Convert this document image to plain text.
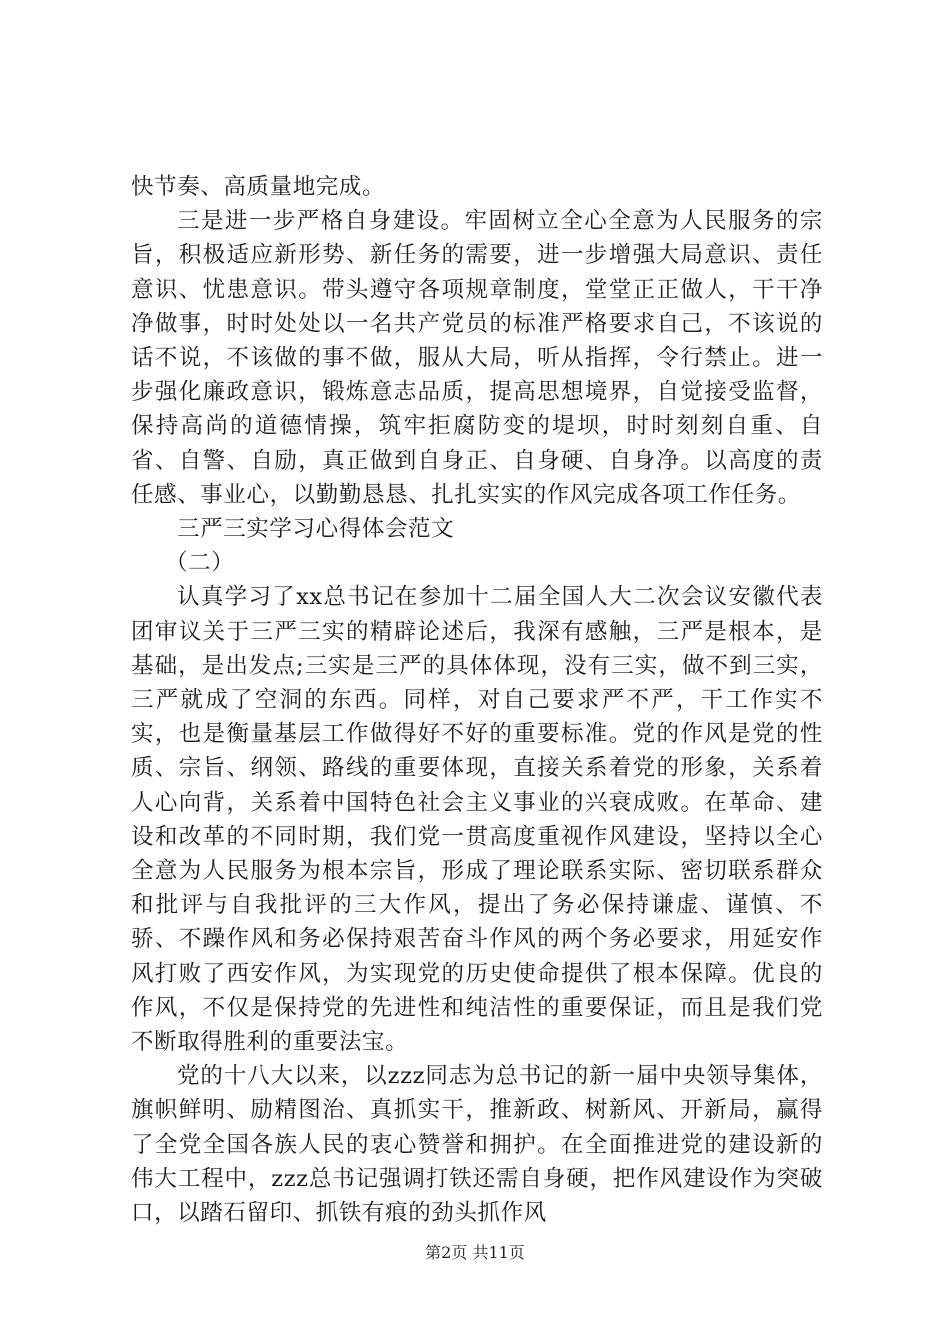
快节奏、高质量地完成。

三是进一步严格自身建设。牢固树立全心全意为人民服务的宗旨，积极适应新形势、新任务的需要，进一步增强大局意识、责任意识、忧患意识。带头遵守各项规章制度，堂堂正正做人，干干净净做事，时时处处以一名共产党员的标准严格要求自己，不该说的话不说，不该做的事不做，服从大局，听从指挥，令行禁止。进一步强化廉政意识，锻炼意志品质，提高思想境界，自觉接受监督，保持高尚的道德情操，筑牢拒腐防变的堤坝，时时刻刻自重、自省、自警、自励，真正做到自身正、自身硬、自身净。以高度的责任感、事业心，以勤勤恳恳、扎扎实实的作风完成各项工作任务。

三严三实学习心得体会范文

（二）

认真学习了xx总书记在参加十二届全国人大二次会议安徽代表团审议关于三严三实的精辟论述后，我深有感触，三严是根本，是基础，是出发点;三实是三严的具体体现，没有三实，做不到三实，三严就成了空洞的东西。同样，对自己要求严不严，干工作实不实，也是衡量基层工作做得好不好的重要标准。党的作风是党的性质、宗旨、纲领、路线的重要体现，直接关系着党的形象，关系着人心向背，关系着中国特色社会主义事业的兴衰成败。在革命、建设和改革的不同时期，我们党一贯高度重视作风建设，坚持以全心全意为人民服务为根本宗旨，形成了理论联系实际、密切联系群众和批评与自我批评的三大作风，提出了务必保持谦虚、谨慎、不骄、不躁作风和务必保持艰苦奋斗作风的两个务必要求，用延安作风打败了西安作风，为实现党的历史使命提供了根本保障。优良的作风，不仅是保持党的先进性和纯洁性的重要保证，而且是我们党不断取得胜利的重要法宝。

党的十八大以来，以zzz同志为总书记的新一届中央领导集体，旗帜鲜明、励精图治、真抓实干，推新政、树新风、开新局，赢得了全党全国各族人民的衷心赞誉和拥护。在全面推进党的建设新的伟大工程中，zzz总书记强调打铁还需自身硬，把作风建设作为突破口，以踏石留印、抓铁有痕的劲头抓作风

第2页 共11页
